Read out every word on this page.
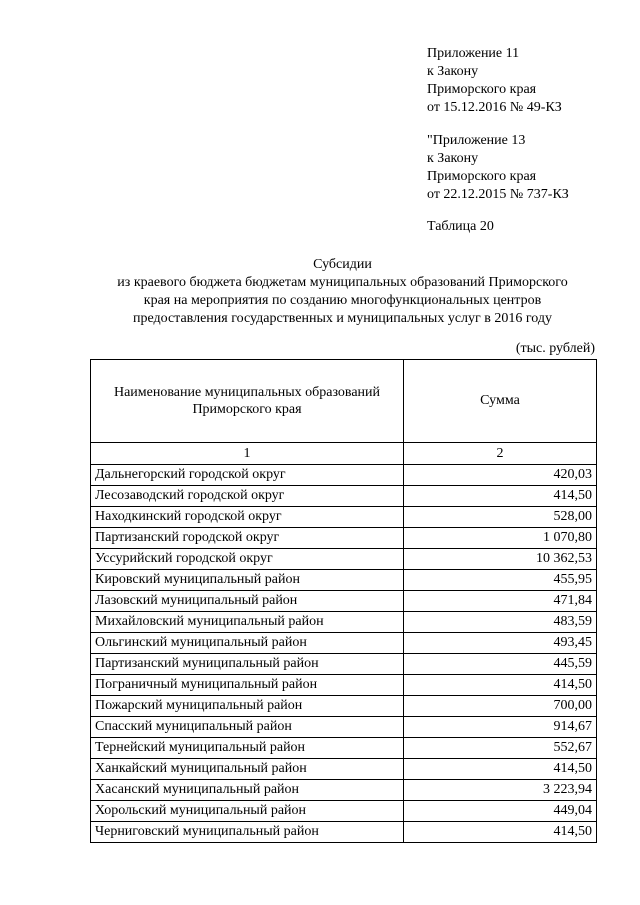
Приложение 11
к Закону
Приморского края
от 15.12.2016 № 49-КЗ
"Приложение 13
к Закону
Приморского края
от 22.12.2015 № 737-КЗ
Таблица 20
Субсидии
из краевого бюджета бюджетам муниципальных образований Приморского
края на мероприятия по созданию многофункциональных центров
предоставления государственных и муниципальных услуг в 2016 году
(тыс. рублей)
Наименование муниципальных образований Приморского края	Сумма
1	2
Дальнегорский городской округ	420,03
Лесозаводский городской округ	414,50
Находкинский городской округ	528,00
Партизанский городской округ	1 070,80
Уссурийский городской округ	10 362,53
Кировский муниципальный район	455,95
Лазовский муниципальный район	471,84
Михайловский муниципальный район	483,59
Ольгинский муниципальный район	493,45
Партизанский муниципальный район	445,59
Пограничный муниципальный район	414,50
Пожарский муниципальный район	700,00
Спасский муниципальный район	914,67
Тернейский муниципальный район	552,67
Ханкайский муниципальный район	414,50
Хасанский муниципальный район	3 223,94
Хорольский муниципальный район	449,04
Черниговский муниципальный район	414,50
